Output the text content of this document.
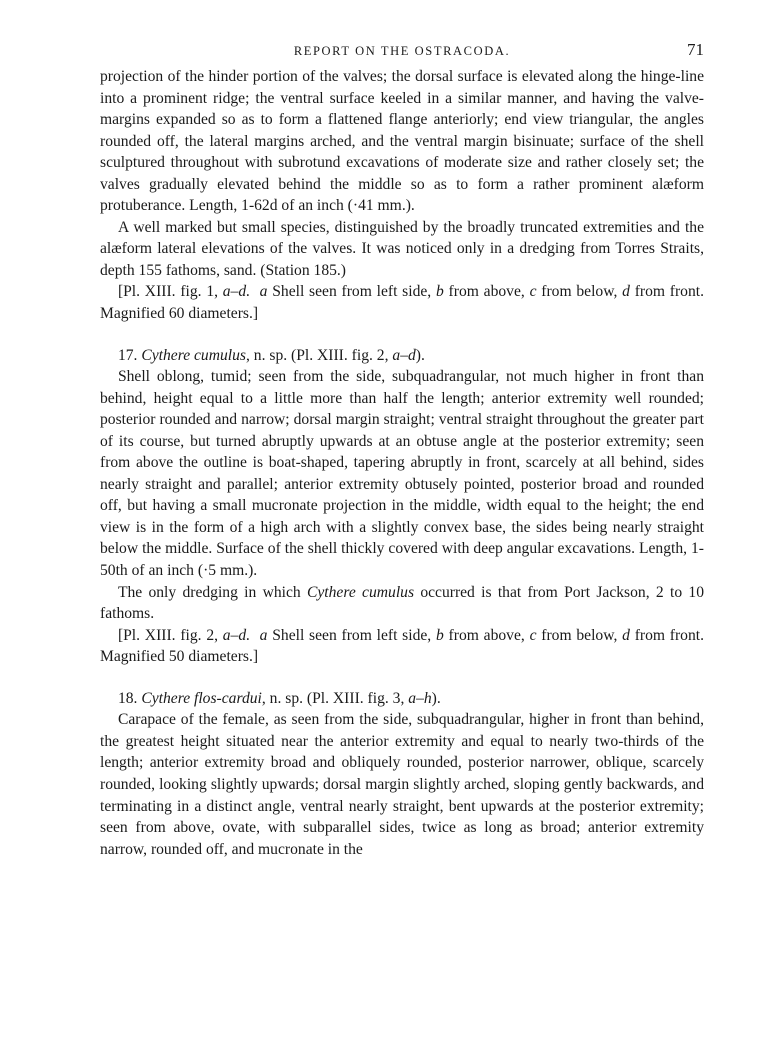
REPORT ON THE OSTRACODA.	71

projection of the hinder portion of the valves; the dorsal surface is elevated along the hinge-line into a prominent ridge; the ventral surface keeled in a similar manner, and having the valve-margins expanded so as to form a flattened flange anteriorly; end view triangular, the angles rounded off, the lateral margins arched, and the ventral margin bisinuate; surface of the shell sculptured throughout with subrotund excavations of moderate size and rather closely set; the valves gradually elevated behind the middle so as to form a rather prominent alæform protuberance. Length, 1-62d of an inch (·41 mm.).

A well marked but small species, distinguished by the broadly truncated extremities and the alæform lateral elevations of the valves. It was noticed only in a dredging from Torres Straits, depth 155 fathoms, sand. (Station 185.)

[Pl. XIII. fig. 1, a–d. a Shell seen from left side, b from above, c from below, d from front. Magnified 60 diameters.]

17. Cythere cumulus, n. sp. (Pl. XIII. fig. 2, a–d).

Shell oblong, tumid; seen from the side, subquadrangular, not much higher in front than behind, height equal to a little more than half the length; anterior extremity well rounded; posterior rounded and narrow; dorsal margin straight; ventral straight throughout the greater part of its course, but turned abruptly upwards at an obtuse angle at the posterior extremity; seen from above the outline is boat-shaped, tapering abruptly in front, scarcely at all behind, sides nearly straight and parallel; anterior extremity obtusely pointed, posterior broad and rounded off, but having a small mucronate projection in the middle, width equal to the height; the end view is in the form of a high arch with a slightly convex base, the sides being nearly straight below the middle. Surface of the shell thickly covered with deep angular excavations. Length, 1-50th of an inch (·5 mm.).

The only dredging in which Cythere cumulus occurred is that from Port Jackson, 2 to 10 fathoms.

[Pl. XIII. fig. 2, a–d. a Shell seen from left side, b from above, c from below, d from front. Magnified 50 diameters.]

18. Cythere flos-cardui, n. sp. (Pl. XIII. fig. 3, a–h).

Carapace of the female, as seen from the side, subquadrangular, higher in front than behind, the greatest height situated near the anterior extremity and equal to nearly two-thirds of the length; anterior extremity broad and obliquely rounded, posterior narrower, oblique, scarcely rounded, looking slightly upwards; dorsal margin slightly arched, sloping gently backwards, and terminating in a distinct angle, ventral nearly straight, bent upwards at the posterior extremity; seen from above, ovate, with subparallel sides, twice as long as broad; anterior extremity narrow, rounded off, and mucronate in the
